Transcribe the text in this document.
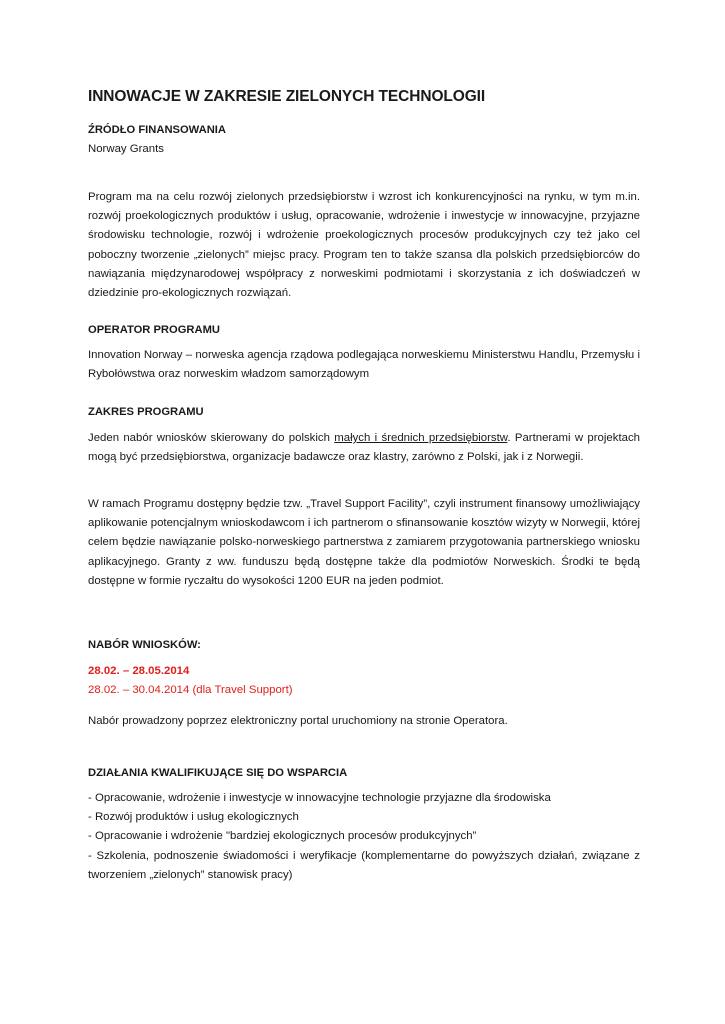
INNOWACJE W ZAKRESIE ZIELONYCH TECHNOLOGII
ŹRÓDŁO FINANSOWANIA
Norway Grants
Program ma na celu rozwój zielonych przedsiębiorstw i wzrost ich konkurencyjności na rynku, w tym m.in. rozwój proekologicznych produktów i usług, opracowanie, wdrożenie i inwestycje w innowacyjne, przyjazne środowisku technologie, rozwój i wdrożenie proekologicznych procesów produkcyjnych czy też jako cel poboczny tworzenie „zielonych” miejsc pracy. Program ten to także szansa dla polskich przedsiębiorców do nawiązania międzynarodowej współpracy z norweskimi podmiotami i skorzystania z ich doświadczeń w dziedzinie pro-ekologicznych rozwiązań.
OPERATOR PROGRAMU
Innovation Norway – norweska agencja rządowa podlegająca norweskiemu Ministerstwu Handlu, Przemysłu i Rybołówstwa oraz norweskim władzom samorządowym
ZAKRES PROGRAMU
Jeden nabór wniosków skierowany do polskich małych i średnich przedsiębiorstw. Partnerami w projektach mogą być przedsiębiorstwa, organizacje badawcze oraz klastry, zarówno z Polski, jak i z Norwegii.
W ramach Programu dostępny będzie tzw. „Travel Support Facility”, czyli instrument finansowy umożliwiający aplikowanie potencjalnym wnioskodawcom i ich partnerom o sfinansowanie kosztów wizyty w Norwegii, której celem będzie nawiązanie polsko-norweskiego partnerstwa z zamiarem przygotowania partnerskiego wniosku aplikacyjnego. Granty z ww. funduszu będą dostępne także dla podmiotów Norweskich. Środki te będą dostępne w formie ryczałtu do wysokości 1200 EUR na jeden podmiot.
NABÓR WNIOSKÓW:
28.02. – 28.05.2014
28.02. – 30.04.2014 (dla Travel Support)
Nabór prowadzony poprzez elektroniczny portal uruchomiony na stronie Operatora.
DZIAŁANIA KWALIFIKUJĄCE SIĘ DO WSPARCIA
- Opracowanie, wdrożenie i inwestycje w innowacyjne technologie przyjazne dla środowiska
- Rozwój produktów i usług ekologicznych
- Opracowanie i wdrożenie "bardziej ekologicznych procesów produkcyjnych”
- Szkolenia, podnoszenie świadomości i weryfikacje (komplementarne do powyższych działań, związane z tworzeniem „zielonych” stanowisk pracy)
